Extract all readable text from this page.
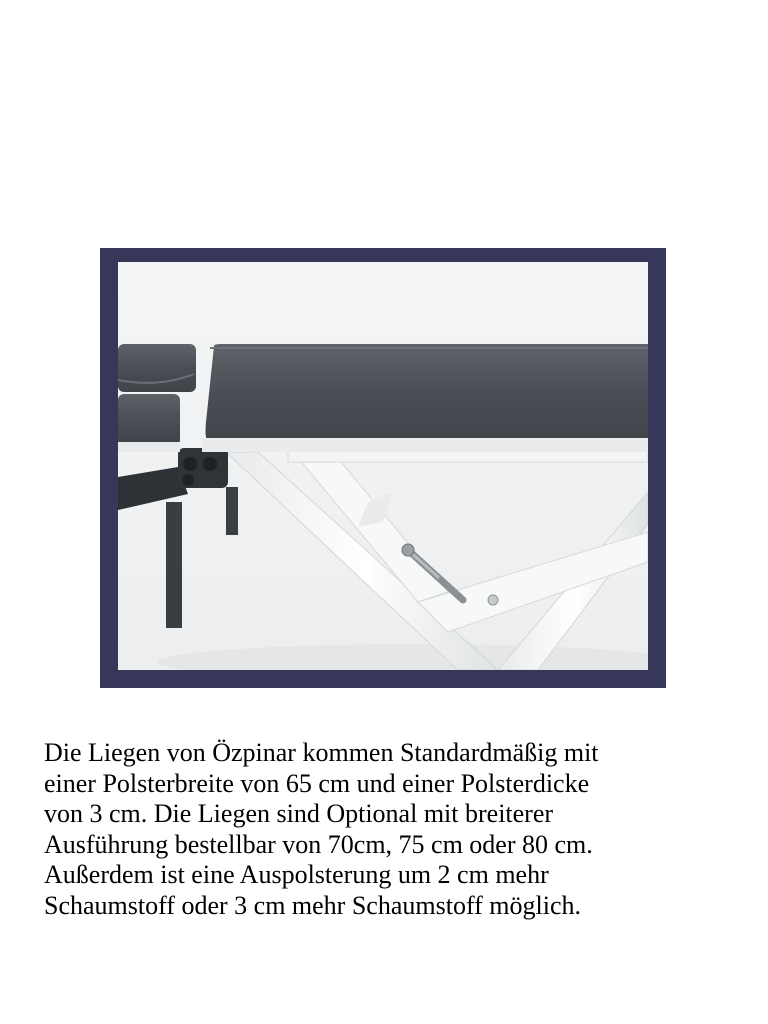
Die Liegen von Özpinar kommen Standardmäßig mit
einer Polsterbreite von 65 cm und einer Polsterdicke
von 3 cm. Die Liegen sind Optional mit breiterer
Ausführung bestellbar von 70cm, 75 cm oder 80 cm.
Außerdem ist eine Auspolsterung um 2 cm mehr
Schaumstoff oder 3 cm mehr Schaumstoff möglich.
